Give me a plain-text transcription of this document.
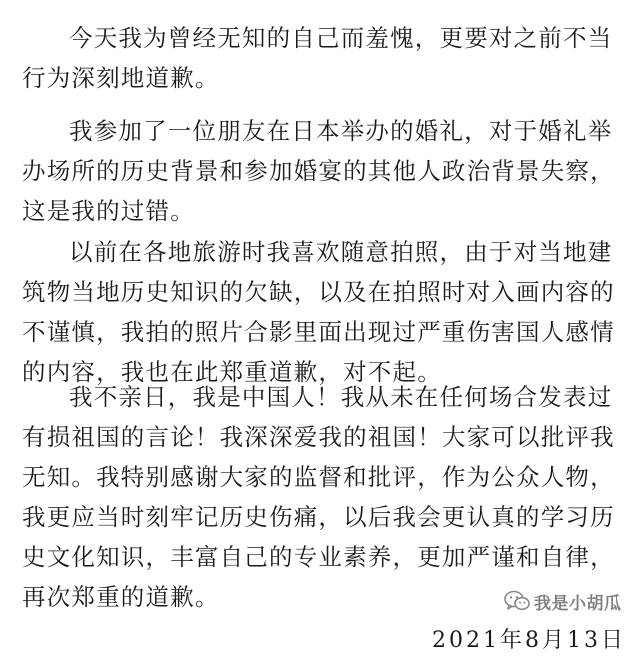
今天我为曾经无知的自己而羞愧，更要对之前不当行为深刻地道歉。

我参加了一位朋友在日本举办的婚礼，对于婚礼举办场所的历史背景和参加婚宴的其他人政治背景失察，这是我的过错。

以前在各地旅游时我喜欢随意拍照，由于对当地建筑物当地历史知识的欠缺，以及在拍照时对入画内容的不谨慎，我拍的照片合影里面出现过严重伤害国人感情的内容，我也在此郑重道歉，对不起。

我不亲日，我是中国人！我从未在任何场合发表过有损祖国的言论！我深深爱我的祖国！大家可以批评我无知。我特别感谢大家的监督和批评，作为公众人物，我更应当时刻牢记历史伤痛，以后我会更认真的学习历史文化知识，丰富自己的专业素养，更加严谨和自律，再次郑重的道歉。	我是小胡瓜
2021年8月13日
